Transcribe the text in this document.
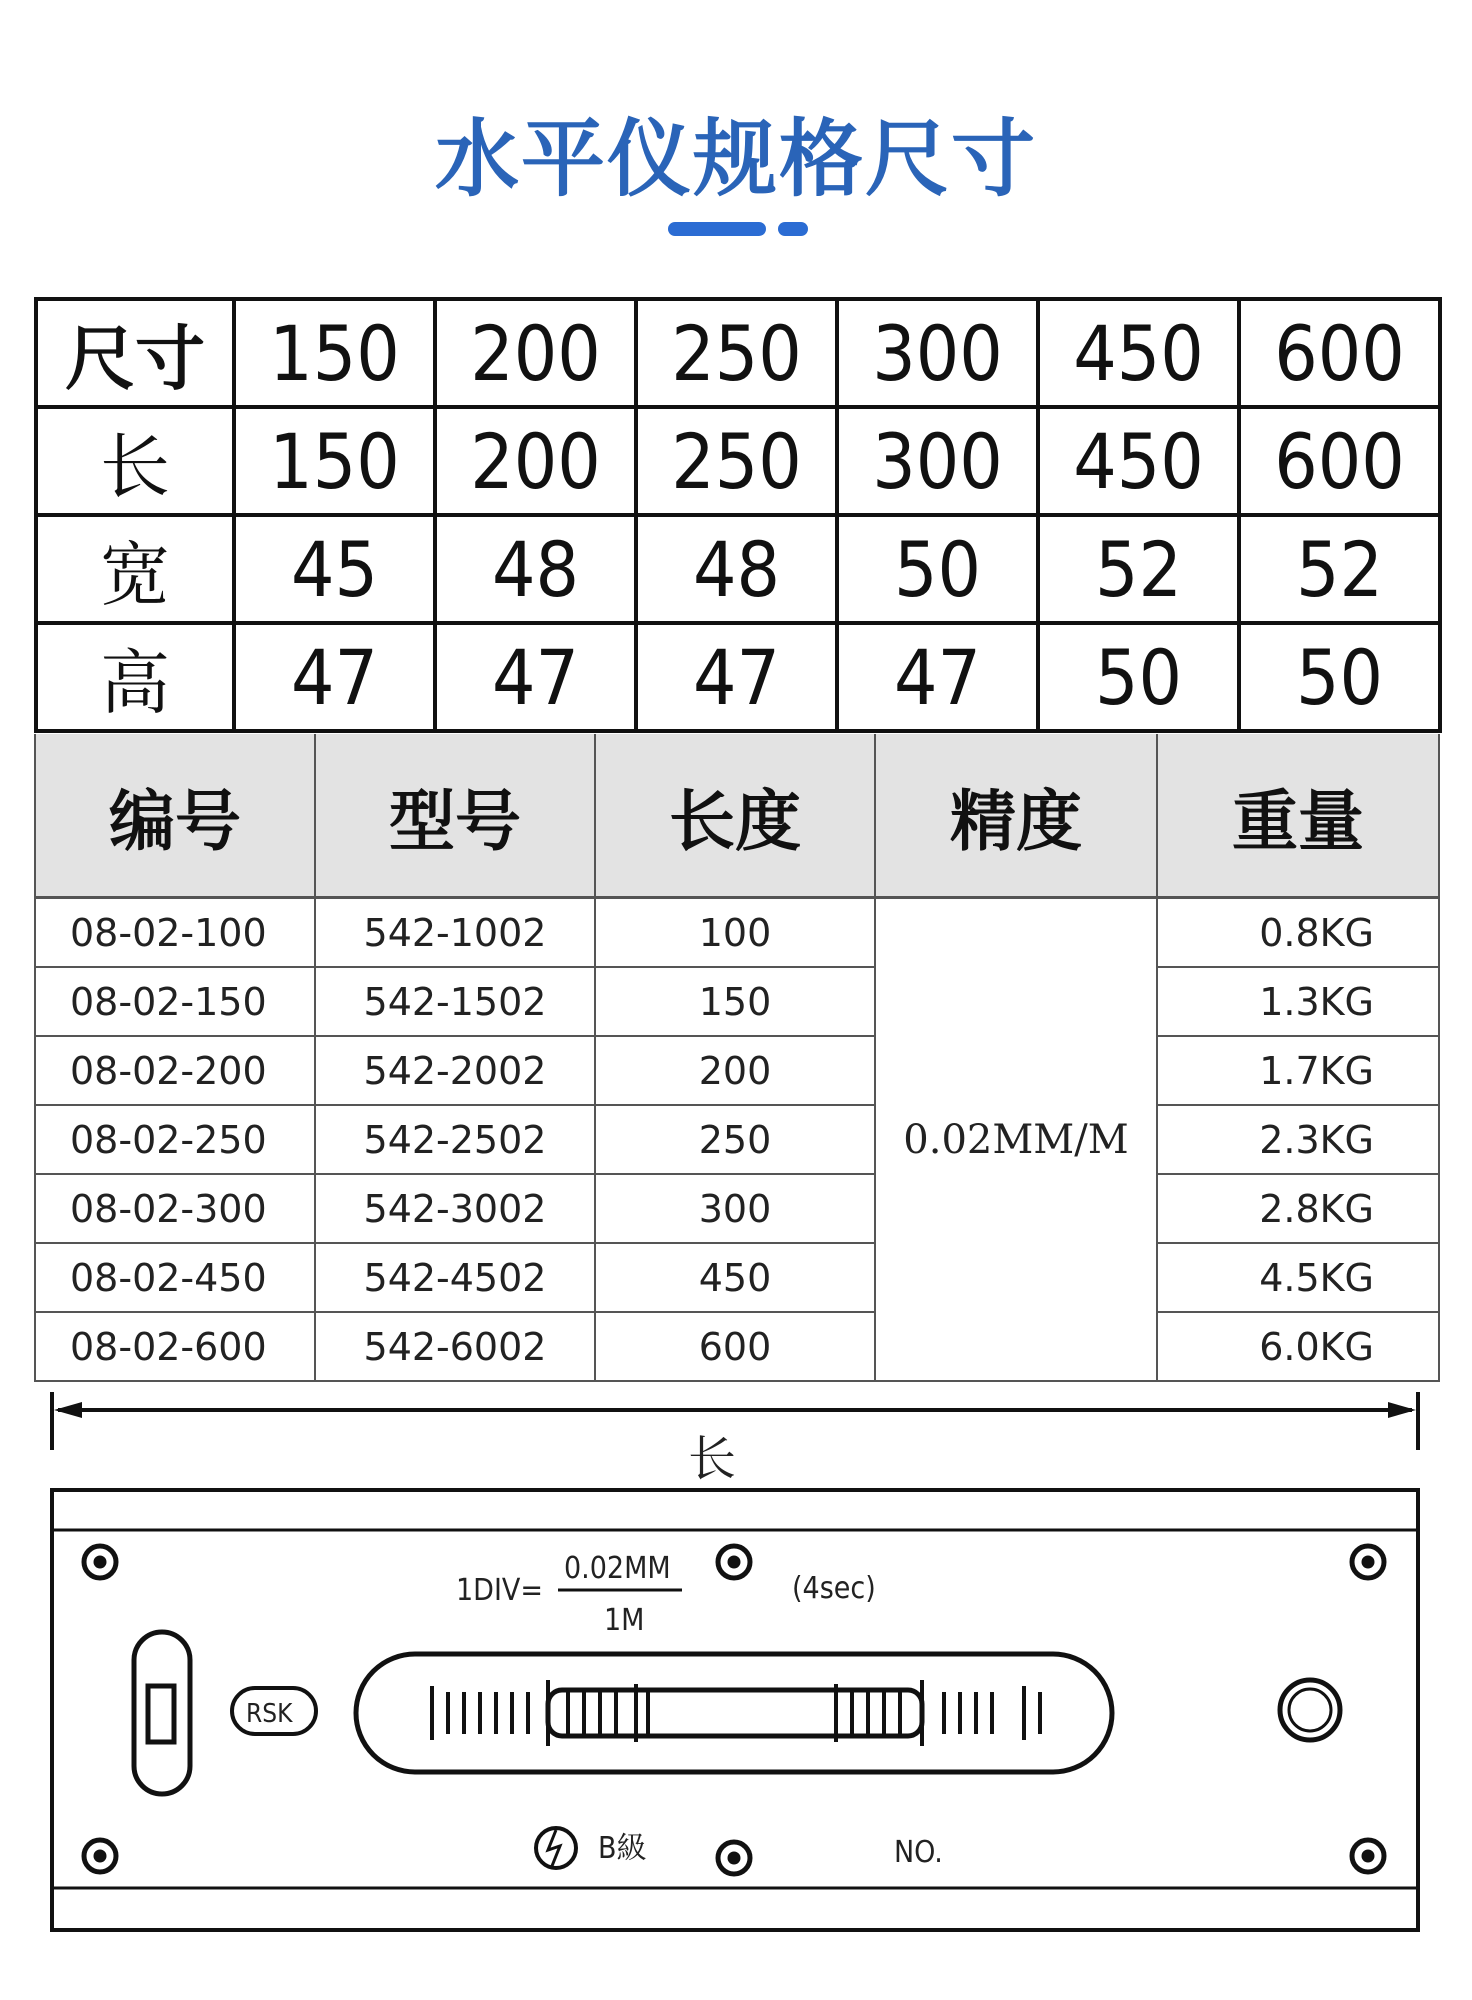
水平仪规格尺寸
尺寸	150	200	250	300	450	600
长	150	200	250	300	450	600
宽	45	48	48	50	52	52
高	47	47	47	47	50	50
编号	型号	长度	精度	重量
08-02-100	542-1002	100	0.02MM/M	0.8KG
08-02-150	542-1502	150		1.3KG
08-02-200	542-2002	200		1.7KG
08-02-250	542-2502	250		2.3KG
08-02-300	542-3002	300		2.8KG
08-02-450	542-4502	450		4.5KG
08-02-600	542-6002	600		6.0KG
1DIV=
0.02MM
1M
(4sec)
RSK
B級	NO.
长
